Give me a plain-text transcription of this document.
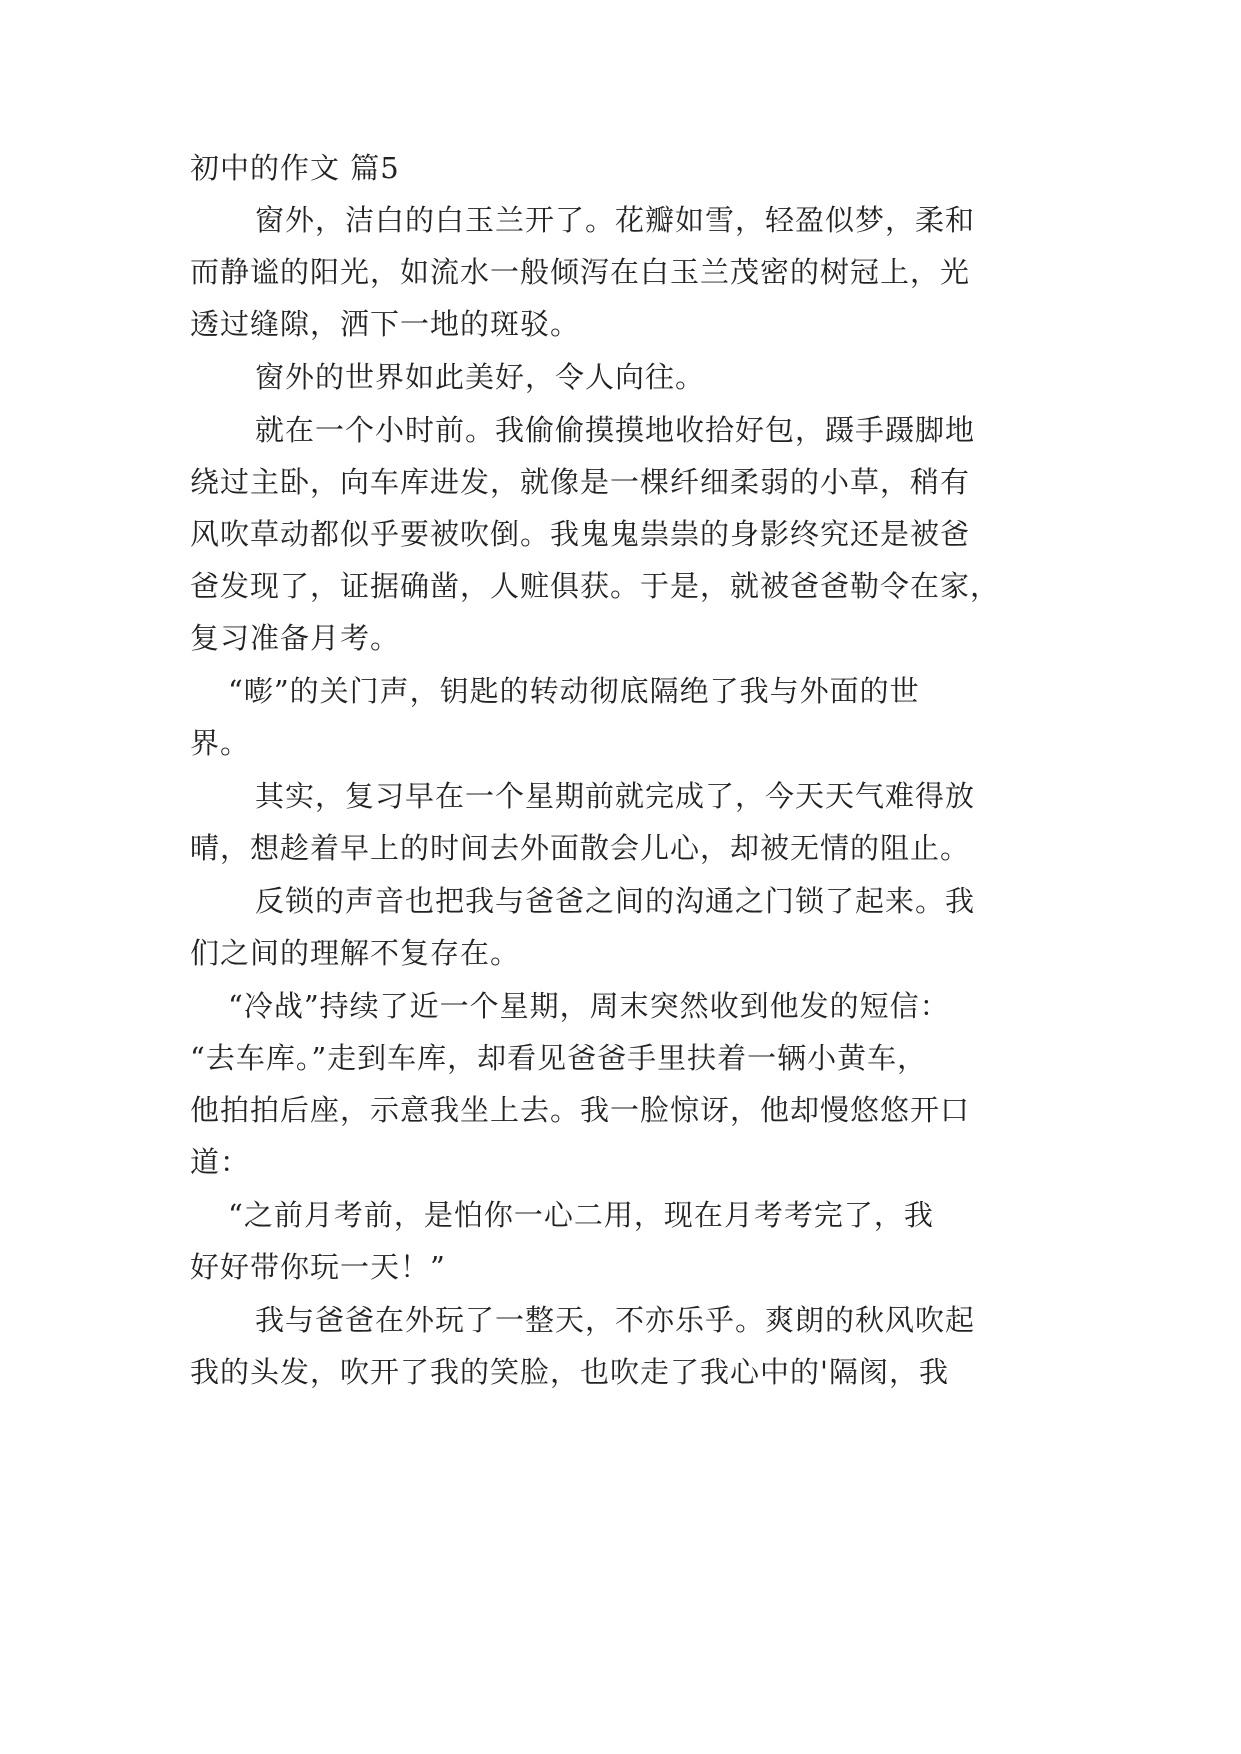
初中的作文 篇5
窗外，洁白的白玉兰开了。花瓣如雪，轻盈似梦，柔和
而静谧的阳光，如流水一般倾泻在白玉兰茂密的树冠上，光
透过缝隙，洒下一地的斑驳。
窗外的世界如此美好，令人向往。
就在一个小时前。我偷偷摸摸地收拾好包，蹑手蹑脚地
绕过主卧，向车库进发，就像是一棵纤细柔弱的小草，稍有
风吹草动都似乎要被吹倒。我鬼鬼祟祟的身影终究还是被爸
爸发现了，证据确凿，人赃俱获。于是，就被爸爸勒令在家，
复习准备月考。
“嘭”的关门声，钥匙的转动彻底隔绝了我与外面的世
界。
其实，复习早在一个星期前就完成了，今天天气难得放
晴，想趁着早上的时间去外面散会儿心，却被无情的阻止。
反锁的声音也把我与爸爸之间的沟通之门锁了起来。我
们之间的理解不复存在。
“冷战”持续了近一个星期，周末突然收到他发的短信：
“去车库。”走到车库，却看见爸爸手里扶着一辆小黄车，
他拍拍后座，示意我坐上去。我一脸惊讶，他却慢悠悠开口
道：
“之前月考前，是怕你一心二用，现在月考考完了，我
好好带你玩一天！”
我与爸爸在外玩了一整天，不亦乐乎。爽朗的秋风吹起
我的头发，吹开了我的笑脸，也吹走了我心中的'隔阂，我
